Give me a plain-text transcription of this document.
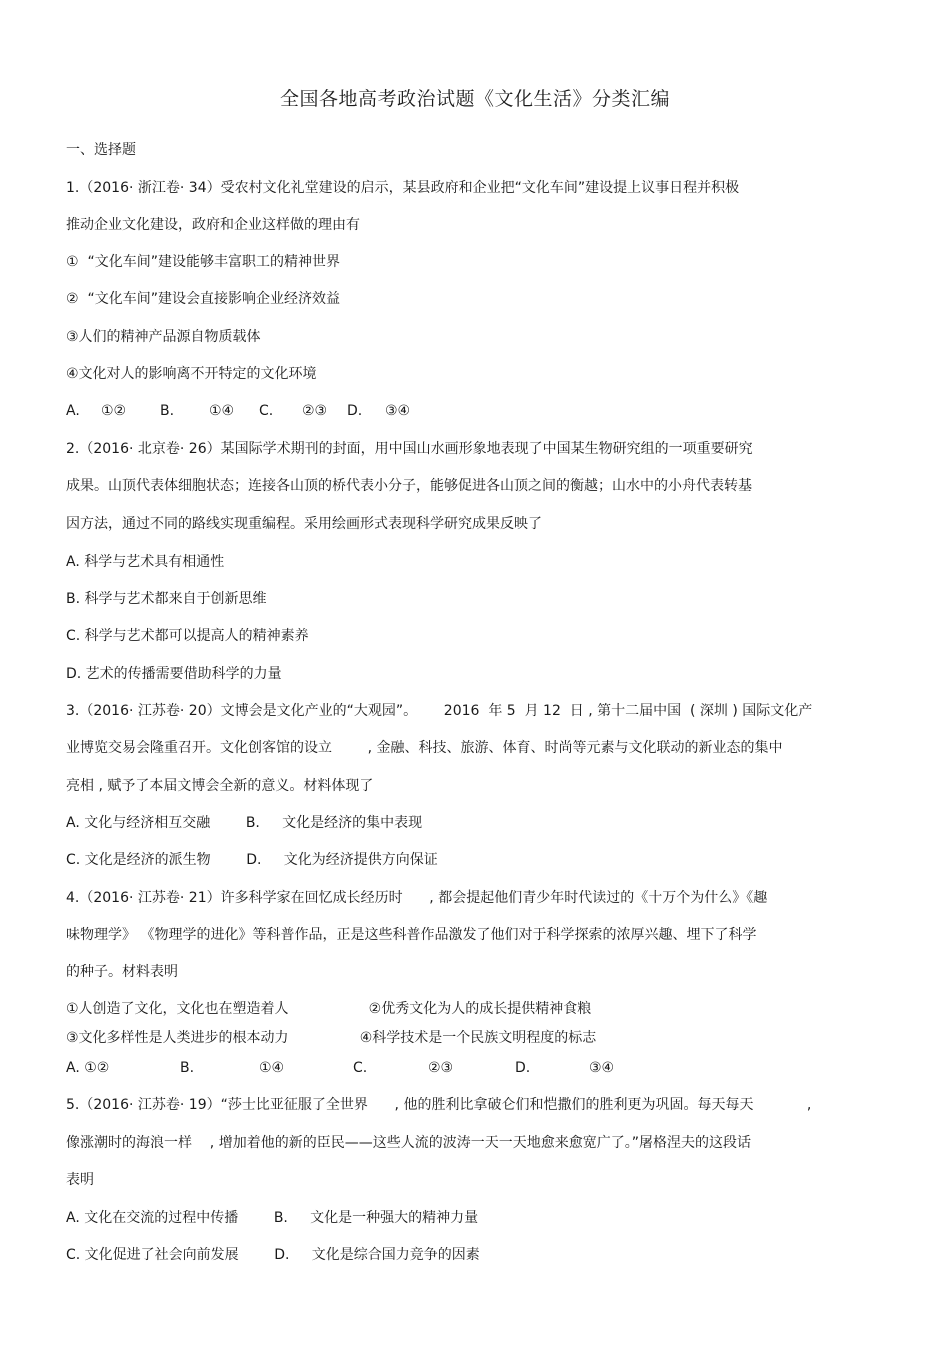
全国各地高考政治试题《文化生活》分类汇编
一、选择题
1.（2016· 浙江卷· 34）受农村文化礼堂建设的启示，某县政府和企业把“文化车间”建设提上议事日程并积极
推动企业文化建设，政府和企业这样做的理由有
①  “文化车间”建设能够丰富职工的精神世界
②  “文化车间”建设会直接影响企业经济效益
③人们的精神产品源自物质载体
④文化对人的影响离不开特定的文化环境
A. ①② B. ①④ C. ②③ D. ③④
2.（2016· 北京卷· 26）某国际学术期刊的封面，用中国山水画形象地表现了中国某生物研究组的一项重要研究
成果。山顶代表体细胞状态；连接各山顶的桥代表小分子，能够促进各山顶之间的衡越；山水中的小舟代表转基
因方法，通过不同的路线实现重编程。采用绘画形式表现科学研究成果反映了
A. 科学与艺术具有相通性
B. 科学与艺术都来自于创新思维
C. 科学与艺术都可以提高人的精神素养
D. 艺术的传播需要借助科学的力量
3.（2016· 江苏卷· 20）文博会是文化产业的“大观园”。      2016  年 5  月 12  日 , 第十二届中国  ( 深圳 ) 国际文化产
业博览交易会隆重召开。文化创客馆的设立        , 金融、科技、旅游、体育、时尚等元素与文化联动的新业态的集中
亮相 , 赋予了本届文博会全新的意义。材料体现了
A. 文化与经济相互交融        B.     文化是经济的集中表现
C. 文化是经济的派生物        D.     文化为经济提供方向保证
4.（2016· 江苏卷· 21）许多科学家在回忆成长经历时      , 都会提起他们青少年时代读过的《十万个为什么》《趣
味物理学》 《物理学的进化》等科普作品，正是这些科普作品激发了他们对于科学探索的浓厚兴趣、埋下了科学
的种子。材料表明
①人创造了文化，文化也在塑造着人                  ②优秀文化为人的成长提供精神食粮
③文化多样性是人类进步的根本动力                ④科学技术是一个民族文明程度的标志
A. ①②	B.	①④	C.	②③	D.	③④
5.（2016· 江苏卷· 19）“莎士比亚征服了全世界      , 他的胜利比拿破仑们和恺撒们的胜利更为巩固。每天每天            ,
像涨潮时的海浪一样    , 增加着他的新的臣民——这些人流的波涛一天一天地愈来愈宽广了。”屠格涅夫的这段话
表明
A. 文化在交流的过程中传播        B.     文化是一种强大的精神力量
C. 文化促进了社会向前发展        D.     文化是综合国力竞争的因素
